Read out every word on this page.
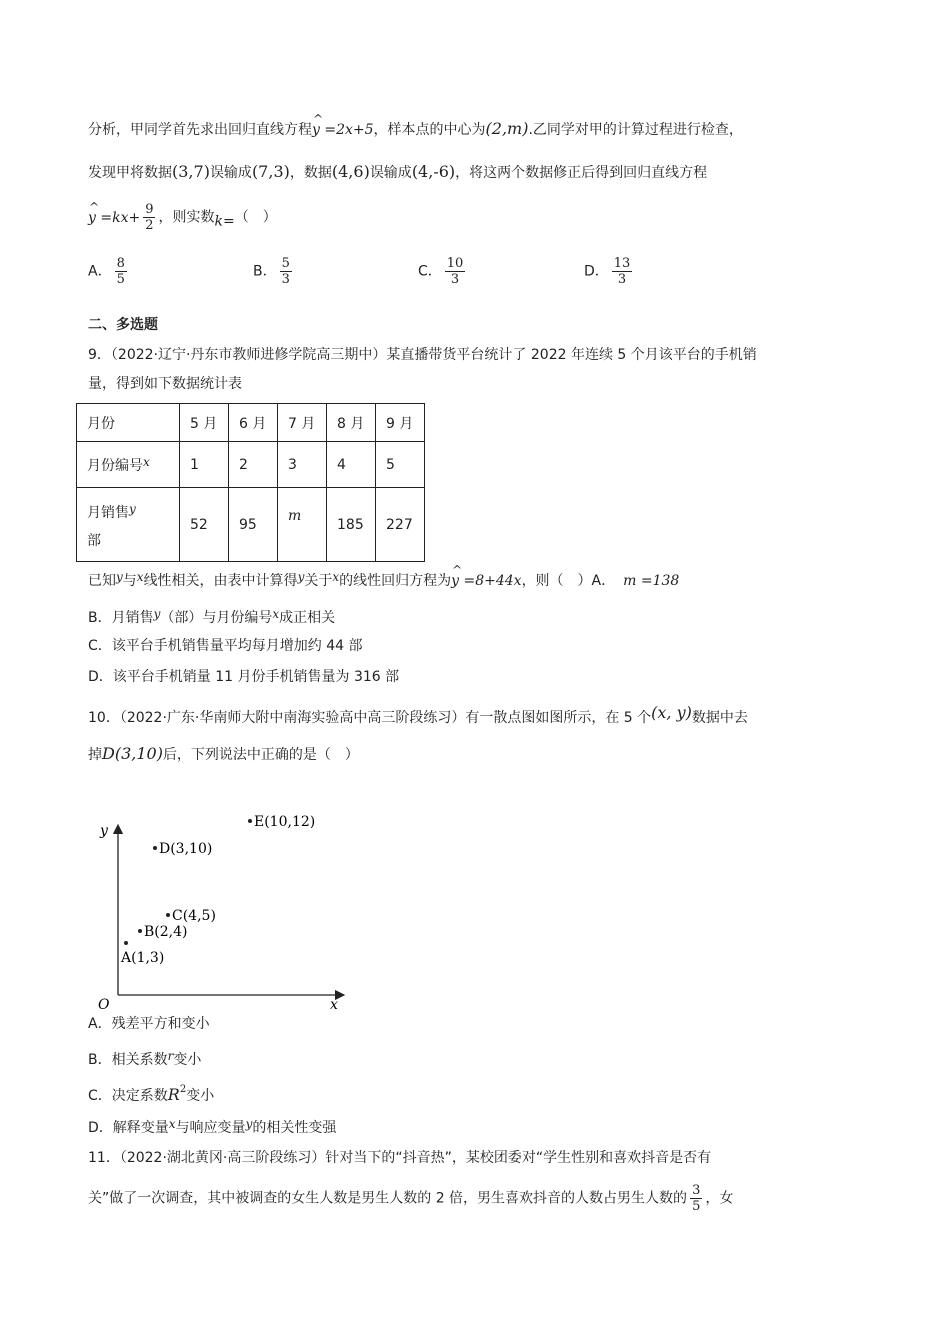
分析，甲同学首先求出回归直线方程^ y =2x+5，样本点的中心为(2,m).乙同学对甲的计算过程进行检查，
发现甲将数据(3,7)误输成(7,3)，数据(4,6)误输成(4,-6)，将这两个数据修正后得到回归直线方程
^ $y =kx+ \frac{9}{2}$ ，则实数k=（　）
A． $\frac{8}{5}$	B． $\frac{5}{3}$	C． $\frac{10}{3}$	D． $\frac{13}{3}$
二、多选题
9．（2022·辽宁·丹东市教师进修学院高三期中）某直播带货平台统计了 2022 年连续 5 个月该平台的手机销
量，得到如下数据统计表
月份	5 月	6 月	7 月	8 月	9 月
月份编号x	1	2	3	4	5
月销售y
部	52	95	m	185	227
已知y与x线性相关，由表中计算得y关于x的线性回归方程为^ y =8+44x，则（　）A． m =138
B．月销售y（部）与月份编号x成正相关
C．该平台手机销售量平均每月增加约 44 部
D．该平台手机销量 11 月份手机销售量为 316 部
10．（2022·广东·华南师大附中南海实验高中高三阶段练习）有一散点图如图所示，在 5 个(x, y)数据中去
掉D(3,10)后，下列说法中正确的是（　）
y
x
O
A(1,3)
B(2,4)
C(4,5)
D(3,10)
E(10,12)
A．残差平方和变小
B．相关系数r变小
C．决定系数$R^2$变小
D．解释变量x与响应变量y的相关性变强
11．（2022·湖北黄冈·高三阶段练习）针对当下的“抖音热”，某校团委对“学生性别和喜欢抖音是否有
关”做了一次调查，其中被调查的女生人数是男生人数的 2 倍，男生喜欢抖音的人数占男生人数的 $\frac{3}{5}$ ，女
